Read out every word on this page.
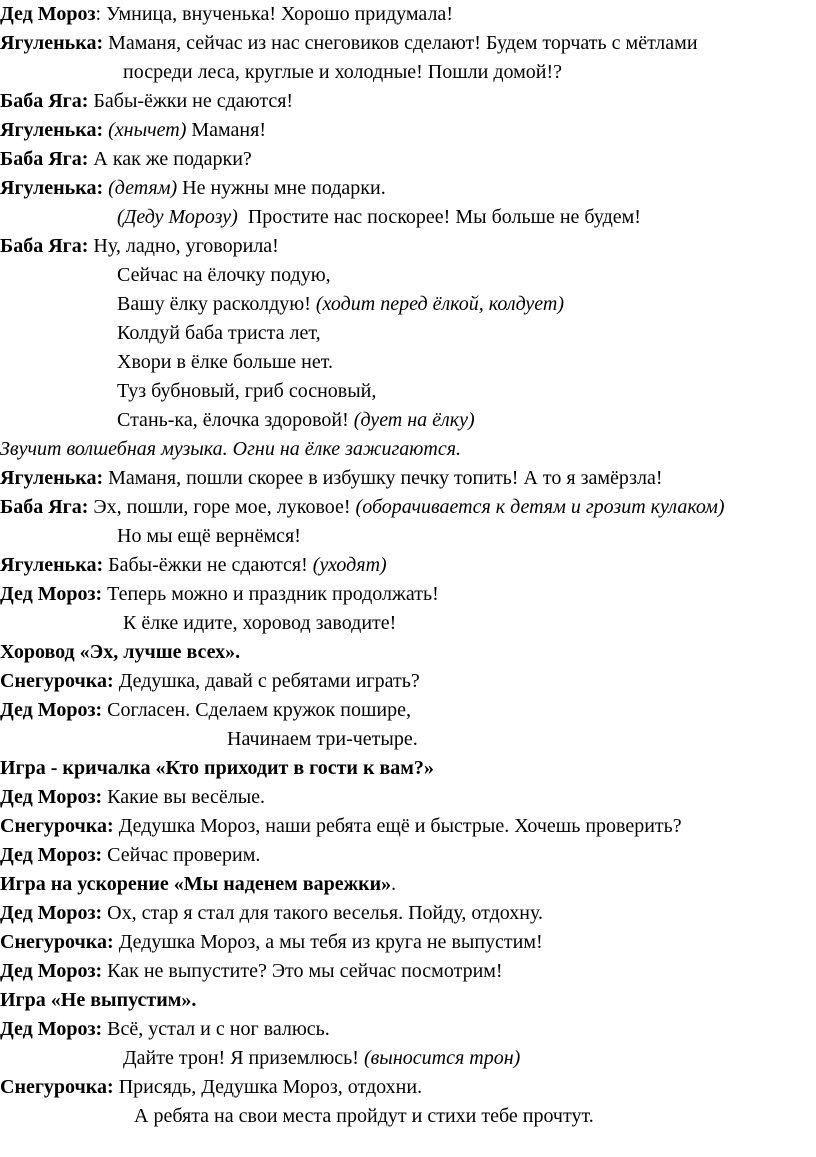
Дед Мороз: Умница, внученька! Хорошо придумала!
Ягуленька: Маманя, сейчас из нас снеговиков сделают! Будем торчать с мётлами
посреди леса, круглые и холодные! Пошли домой!?
Баба Яга: Бабы-ёжки не сдаются!
Ягуленька: (хнычет) Маманя!
Баба Яга: А как же подарки?
Ягуленька: (детям) Не нужны мне подарки.
(Деду Морозу)  Простите нас поскорее! Мы больше не будем!
Баба Яга: Ну, ладно, уговорила!
Сейчас на ёлочку подую,
Вашу ёлку расколдую! (ходит перед ёлкой, колдует)
Колдуй баба триста лет,
Хвори в ёлке больше нет.
Туз бубновый, гриб сосновый,
Стань-ка, ёлочка здоровой! (дует на ёлку)
Звучит волшебная музыка. Огни на ёлке зажигаются.
Ягуленька: Маманя, пошли скорее в избушку печку топить! А то я замёрзла!
Баба Яга: Эх, пошли, горе мое, луковое! (оборачивается к детям и грозит кулаком)
Но мы ещё вернёмся!
Ягуленька: Бабы-ёжки не сдаются! (уходят)
Дед Мороз: Теперь можно и праздник продолжать!
К ёлке идите, хоровод заводите!
Хоровод «Эх, лучше всех».
Снегурочка: Дедушка, давай с ребятами играть?
Дед Мороз: Согласен. Сделаем кружок пошире,
Начинаем три-четыре.
Игра - кричалка «Кто приходит в гости к вам?»
Дед Мороз: Какие вы весёлые.
Снегурочка: Дедушка Мороз, наши ребята ещё и быстрые. Хочешь проверить?
Дед Мороз: Сейчас проверим.
Игра на ускорение «Мы наденем варежки».
Дед Мороз: Ох, стар я стал для такого веселья. Пойду, отдохну.
Снегурочка: Дедушка Мороз, а мы тебя из круга не выпустим!
Дед Мороз: Как не выпустите? Это мы сейчас посмотрим!
Игра «Не выпустим».
Дед Мороз: Всё, устал и с ног валюсь.
Дайте трон! Я приземлюсь! (выносится трон)
Снегурочка: Присядь, Дедушка Мороз, отдохни.
А ребята на свои места пройдут и стихи тебе прочтут.
